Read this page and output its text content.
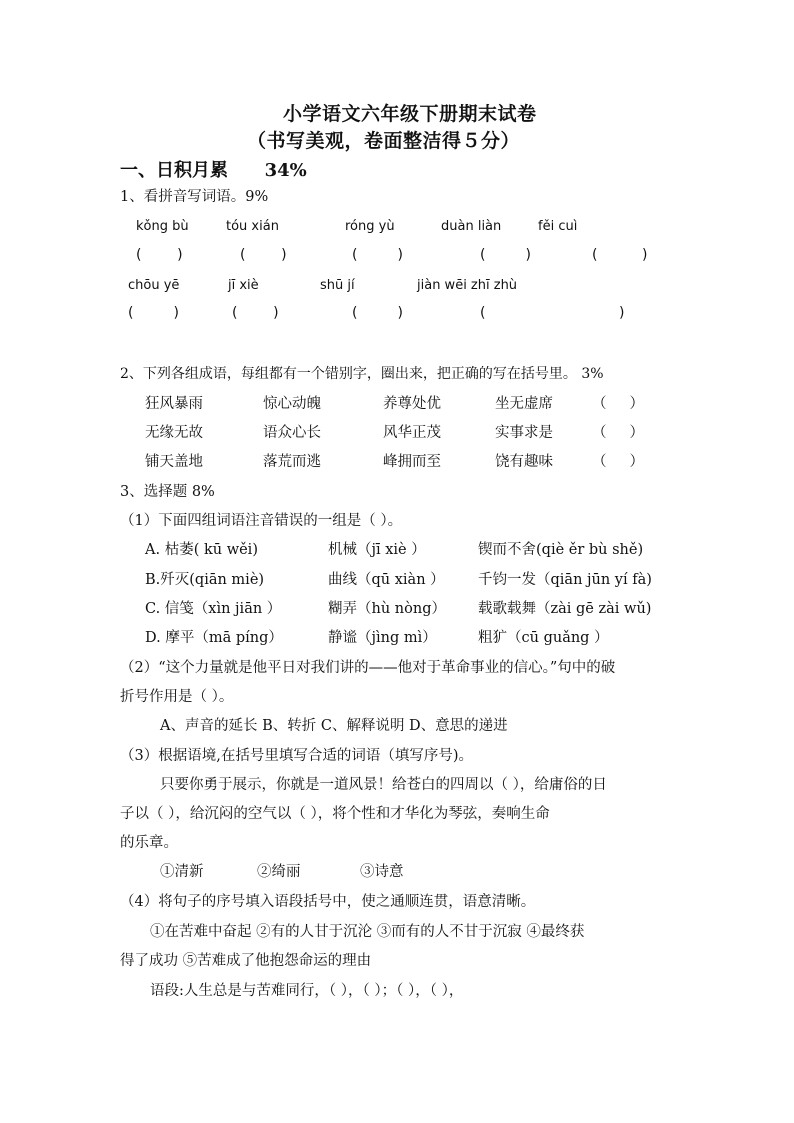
小学语文六年级下册期末试卷
（书写美观，卷面整洁得５分）
一、日积月累 34%
1、看拼音写词语。9%
kǒng bù	tóu xián	róng yù	duàn liàn	fěi cuì
(        )	(        )	(         )	(         )	(          )
chōu yē	jī xiè	shū jí	jiàn wēi zhī zhù
(         )	(        )	(         )	(                              )
2、下列各组成语，每组都有一个错别字，圈出来，把正确的写在括号里。 3%
狂风暴雨	惊心动魄	养尊处优	坐无虚席	（     ）
无缘无故	语众心长	风华正茂	实事求是	（     ）
铺天盖地	落荒而逃	峰拥而至	饶有趣味	（     ）
3、选择题 8%
（1）下面四组词语注音错误的一组是（ ）。
A. 枯萎( kū wěi)	机械（jī xiè ）	锲而不舍(qiè ěr bù shě)
B.歼灭(qiān miè)	曲线（qū xiàn ） 千钧一发（qiān jūn yí fà)
C. 信笺（xìn jiān ）	糊弄（hù nòng） 载歌载舞（zài gē zài wǔ)
D. 摩平（mā píng）	静谧（jìng mì）	粗犷（cū guǎng ）
（2）“这个力量就是他平日对我们讲的——他对于革命事业的信心。”句中的破
折号作用是（ ）。
A、声音的延长 B、转折 C、解释说明 D、意思的递进
（3）根据语境,在括号里填写合适的词语（填写序号)。
只要你勇于展示，你就是一道风景！给苍白的四周以（ ），给庸俗的日
子以（ ），给沉闷的空气以（ ），将个性和才华化为琴弦，奏响生命
的乐章。
①清新	②绮丽	③诗意
（4）将句子的序号填入语段括号中，使之通顺连贯，语意清晰。
①在苦难中奋起 ②有的人甘于沉沦 ③而有的人不甘于沉寂 ④最终获
得了成功 ⑤苦难成了他抱怨命运的理由
语段:人生总是与苦难同行，（ ），（ ）；（ ），（ ），
